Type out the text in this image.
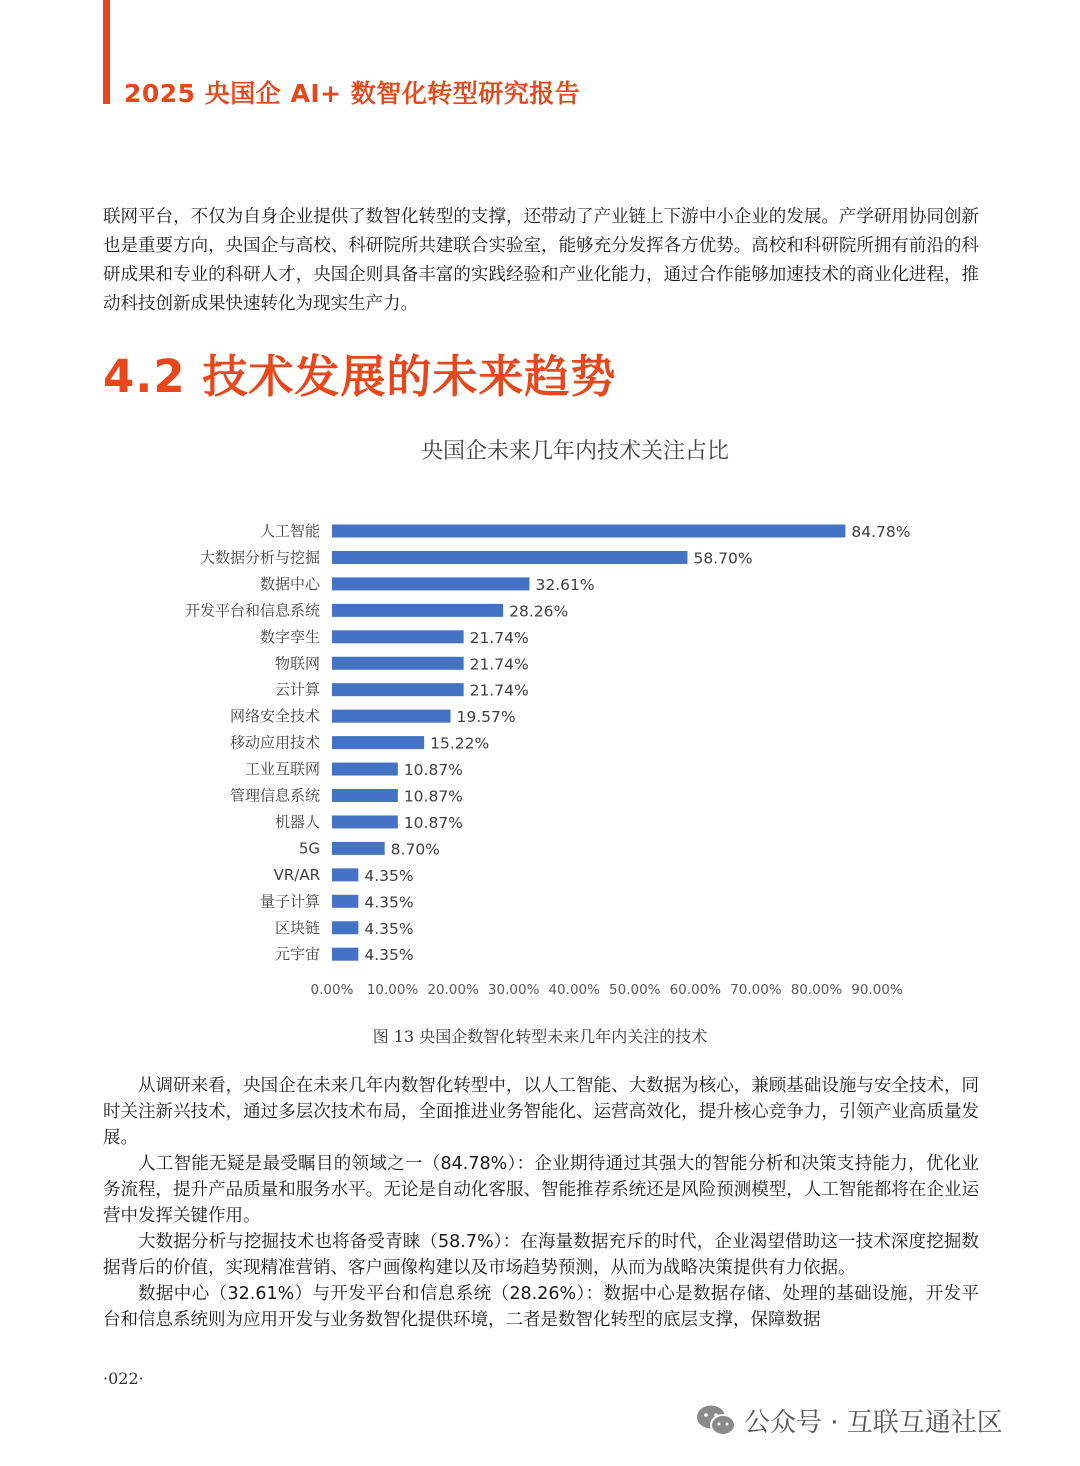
2025 央国企 AI+ 数智化转型研究报告

联网平台，不仅为自身企业提供了数智化转型的支撑，还带动了产业链上下游中小企业的发展。产学研用协同创新也是重要方向，央国企与高校、科研院所共建联合实验室，能够充分发挥各方优势。高校和科研院所拥有前沿的科研成果和专业的科研人才，央国企则具备丰富的实践经验和产业化能力，通过合作能够加速技术的商业化进程，推动科技创新成果快速转化为现实生产力。

4.2 技术发展的未来趋势
央国企未来几年内技术关注占比
人工智能	84.78%
大数据分析与挖掘	58.70%
数据中心	32.61%
开发平台和信息系统	28.26%
数字孪生	21.74%
物联网	21.74%
云计算	21.74%
网络安全技术	19.57%
移动应用技术	15.22%
工业互联网	10.87%
管理信息系统	10.87%
机器人	10.87%
5G	8.70%
VR/AR	4.35%
量子计算	4.35%
区块链	4.35%
元宇宙	4.35%
0.00% 10.00% 20.00% 30.00% 40.00% 50.00% 60.00% 70.00% 80.00% 90.00%
图 13 央国企数智化转型未来几年内关注的技术

从调研来看，央国企在未来几年内数智化转型中，以人工智能、大数据为核心，兼顾基础设施与安全技术，同时关注新兴技术，通过多层次技术布局，全面推进业务智能化、运营高效化，提升核心竞争力，引领产业高质量发展。

人工智能无疑是最受瞩目的领域之一（84.78%）：企业期待通过其强大的智能分析和决策支持能力，优化业务流程，提升产品质量和服务水平。无论是自动化客服、智能推荐系统还是风险预测模型，人工智能都将在企业运营中发挥关键作用。

大数据分析与挖掘技术也将备受青睐（58.7%）：在海量数据充斥的时代，企业渴望借助这一技术深度挖掘数据背后的价值，实现精准营销、客户画像构建以及市场趋势预测，从而为战略决策提供有力依据。

数据中心（32.61%）与开发平台和信息系统（28.26%）：数据中心是数据存储、处理的基础设施，开发平台和信息系统则为应用开发与业务数智化提供环境，二者是数智化转型的底层支撑，保障数据

·022·
公众号 · 互联互通社区
